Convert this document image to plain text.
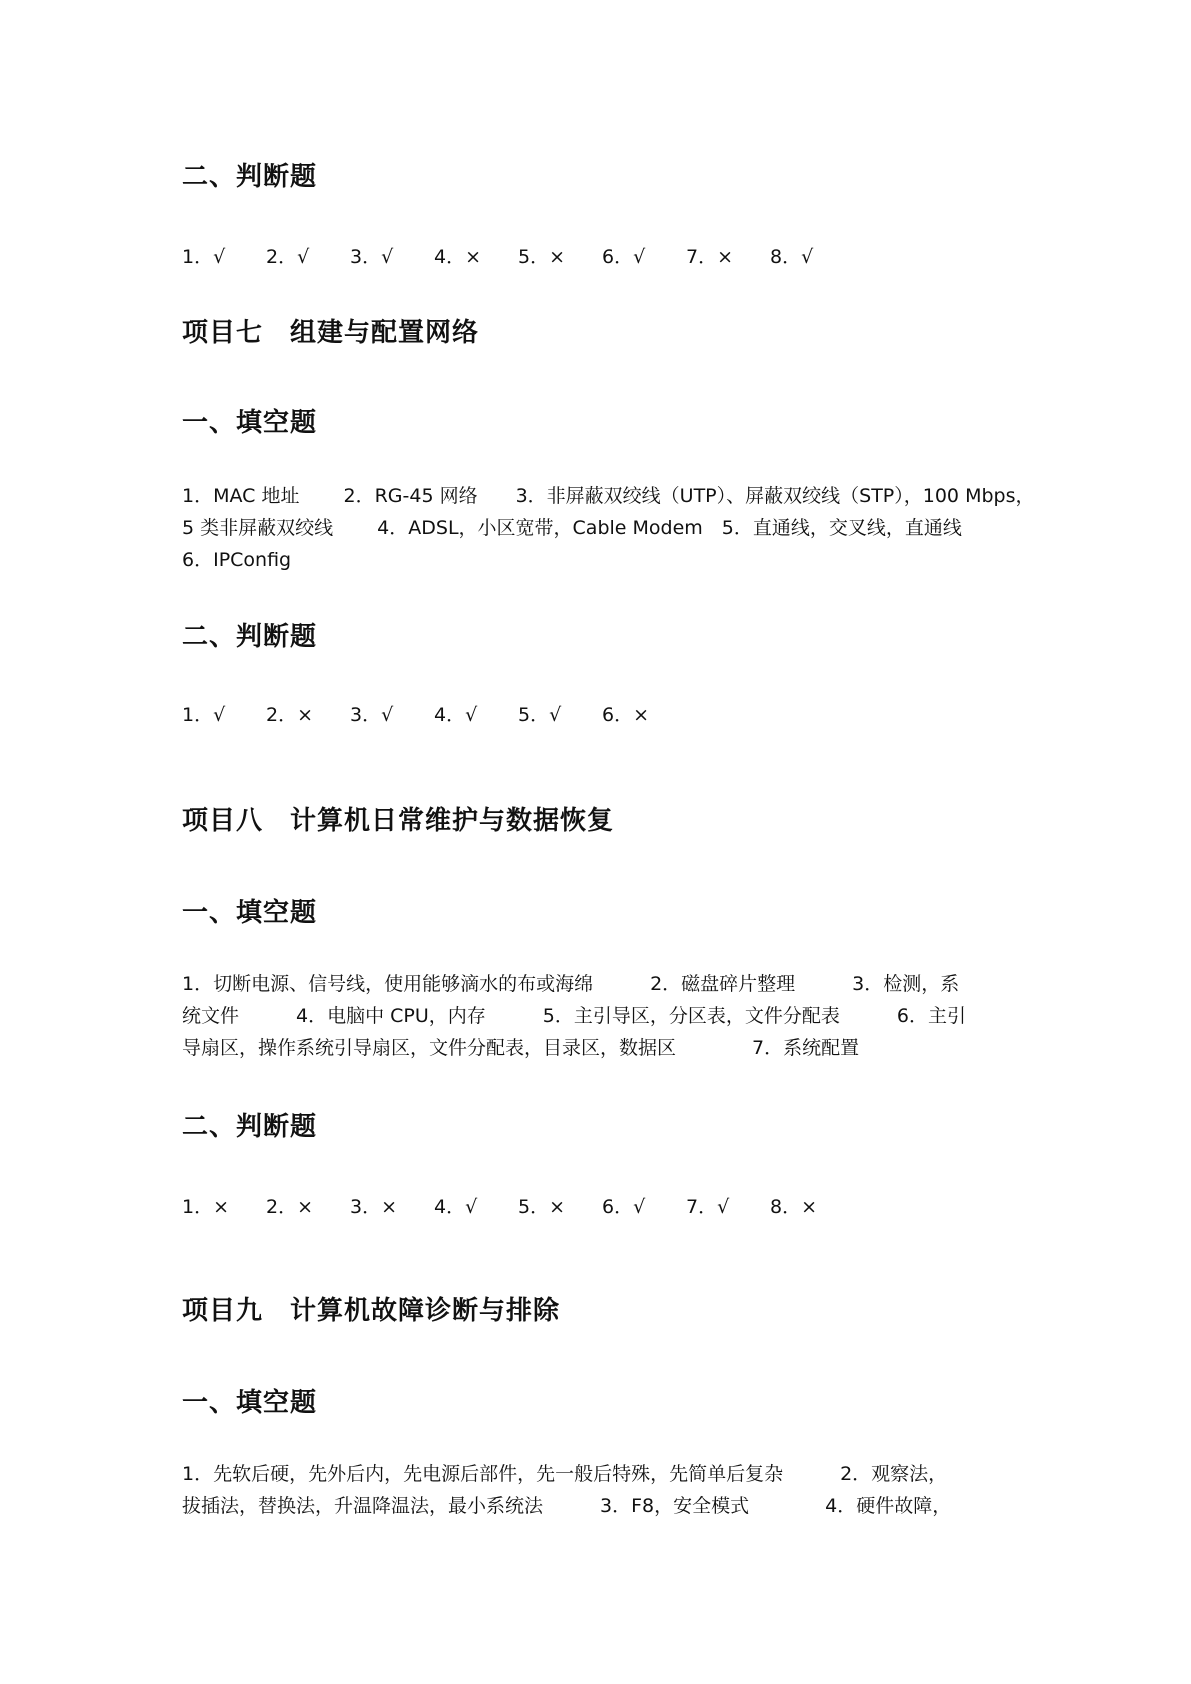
二、判断题
1．√ 2．√ 3．√ 4．× 5．× 6．√ 7．× 8．√
项目七　组建与配置网络
一、填空题
1．MAC 地址　　 2．RG-45 网络　　3．非屏蔽双绞线（UTP）、屏蔽双绞线（STP），100 Mbps，
5 类非屏蔽双绞线　　 4．ADSL，小区宽带，Cable Modem　5．直通线，交叉线，直通线
6．IPConfig
二、判断题
1．√ 2．× 3．√ 4．√ 5．√ 6．×
项目八　计算机日常维护与数据恢复
一、填空题
1．切断电源、信号线，使用能够滴水的布或海绵　　　2．磁盘碎片整理　　　3．检测，系
统文件　　　4．电脑中 CPU，内存　　　5．主引导区，分区表，文件分配表　　　6．主引
导扇区，操作系统引导扇区，文件分配表，目录区，数据区　　　　7．系统配置
二、判断题
1．× 2．× 3．× 4．√ 5．× 6．√ 7．√ 8．×
项目九　计算机故障诊断与排除
一、填空题
1．先软后硬，先外后内，先电源后部件，先一般后特殊，先简单后复杂　　　2．观察法，
拔插法，替换法，升温降温法，最小系统法　　　3．F8，安全模式　　　　4．硬件故障，
